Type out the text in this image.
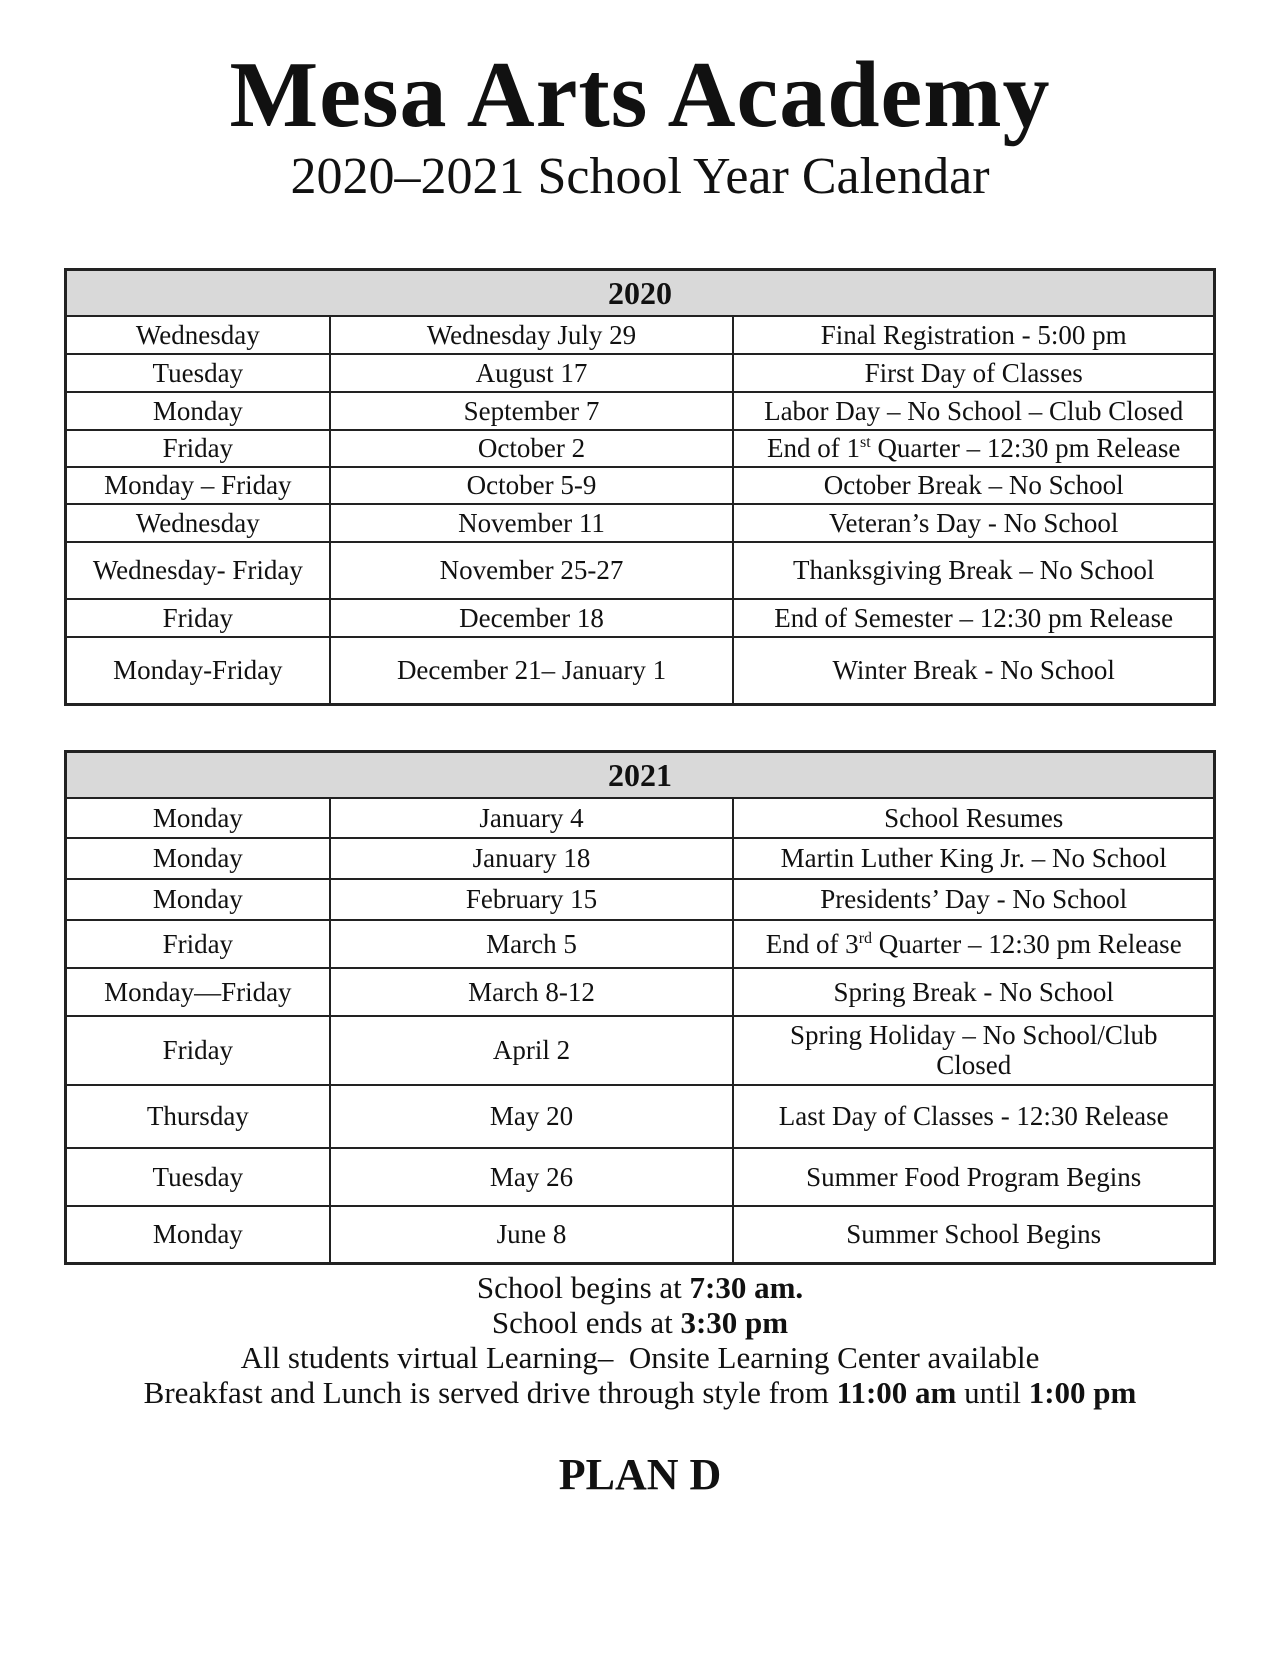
Mesa Arts Academy
2020–2021 School Year Calendar
2020		
Wednesday	Wednesday July 29	Final Registration - 5:00 pm
Tuesday	August 17	First Day of Classes
Monday	September 7	Labor Day – No School – Club Closed
Friday	October 2	End of 1st Quarter – 12:30 pm Release
Monday – Friday	October 5-9	October Break – No School
Wednesday	November 11	Veteran’s Day - No School
Wednesday- Friday	November 25-27	Thanksgiving Break – No School
Friday	December 18	End of Semester – 12:30 pm Release
Monday-Friday	December 21– January 1	Winter Break - No School
2021		
Monday	January 4	School Resumes
Monday	January 18	Martin Luther King Jr. – No School
Monday	February 15	Presidents’ Day - No School
Friday	March 5	End of 3rd Quarter – 12:30 pm Release
Monday—Friday	March 8-12	Spring Break - No School
Friday	April 2	Spring Holiday – No School/Club
Closed

Thursday	May 20	Last Day of Classes - 12:30 Release
Tuesday	May 26	Summer Food Program Begins
Monday	June 8	Summer School Begins
School begins at 7:30 am.
School ends at 3:30 pm
All students virtual Learning–  Onsite Learning Center available
Breakfast and Lunch is served drive through style from 11:00 am until 1:00 pm
PLAN D
